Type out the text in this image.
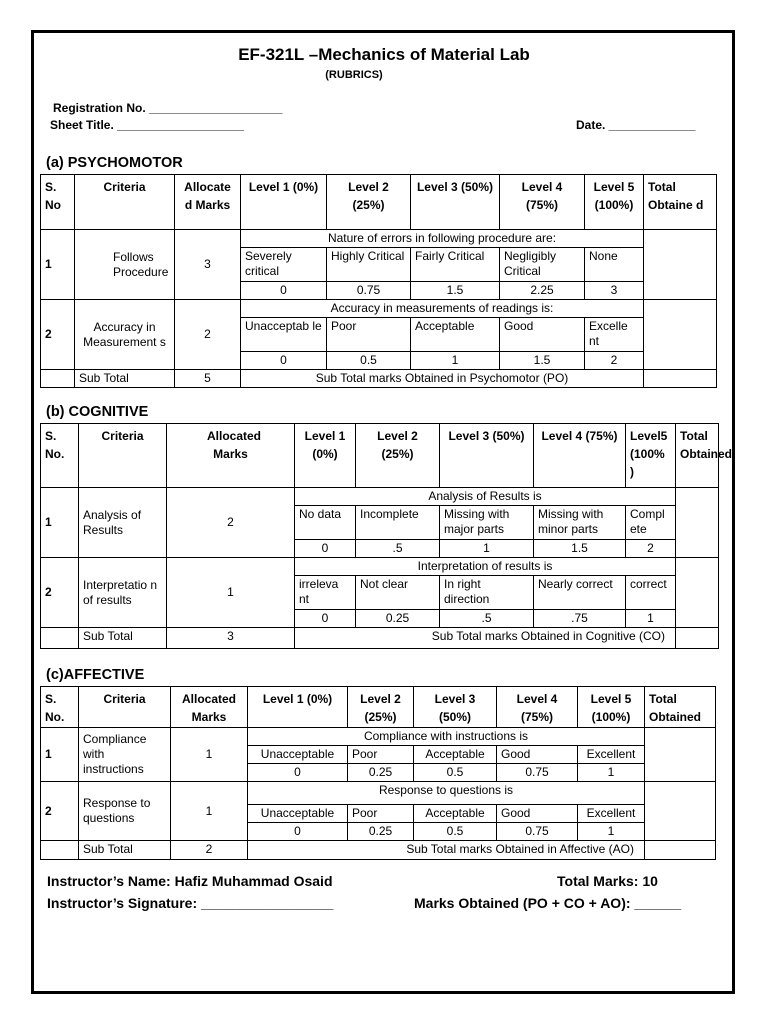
EF-321L –Mechanics of Material Lab
(RUBRICS)
Registration No. ____________________
Sheet Title. ___________________	Date. _____________
(a) PSYCHOMOTOR
S. No	Criteria	Allocate d Marks	Level 1 (0%)	Level 2 (25%)	Level 3 (50%)	Level 4 (75%)	Level 5 (100%)	Total Obtaine d
1	Follows Procedure	3	Nature of errors in following procedure are:					
			Severely critical	Highly Critical	Fairly Critical	Negligibly Critical	None	
			0	0.75	1.5	2.25	3	
2	Accuracy in Measurement s	2	Accuracy in measurements of readings is:					
			Unacceptab le	Poor	Acceptable	Good	Excelle nt	
			0	0.5	1	1.5	2	
	Sub Total	5	Sub Total marks Obtained in Psychomotor (PO)					
(b) COGNITIVE
S. No.	Criteria	Allocated Marks	Level 1 (0%)	Level 2 (25%)	Level 3 (50%)	Level 4 (75%)	Level5 (100% )	Total Obtained
1	Analysis of Results	2	Analysis of Results is					
			No data	Incomplete	Missing with major parts	Missing with minor parts	Compl ete	
			0	.5	1	1.5	2	
2	Interpretatio n of results	1	Interpretation of results is					
			irreleva nt	Not clear	In right direction	Nearly correct	correct	
			0	0.25	.5	.75	1	
	Sub Total	3	Sub Total marks Obtained in Cognitive (CO)					
(c)AFFECTIVE
S. No.	Criteria	Allocated Marks	Level 1 (0%)	Level 2 (25%)	Level 3 (50%)	Level 4 (75%)	Level 5 (100%)	Total Obtained
1	Compliance with instructions	1	Compliance with instructions is					
			Unacceptable	Poor	Acceptable	Good	Excellent	
			0	0.25	0.5	0.75	1	
2	Response to questions	1	Response to questions is					
			Unacceptable	Poor	Acceptable	Good	Excellent	
			0	0.25	0.5	0.75	1	
	Sub Total	2	Sub Total marks Obtained in Affective (AO)					
Instructor’s Name: Hafiz Muhammad Osaid
Instructor’s Signature: _________________
Total Marks: 10
Marks Obtained (PO + CO + AO): ______
